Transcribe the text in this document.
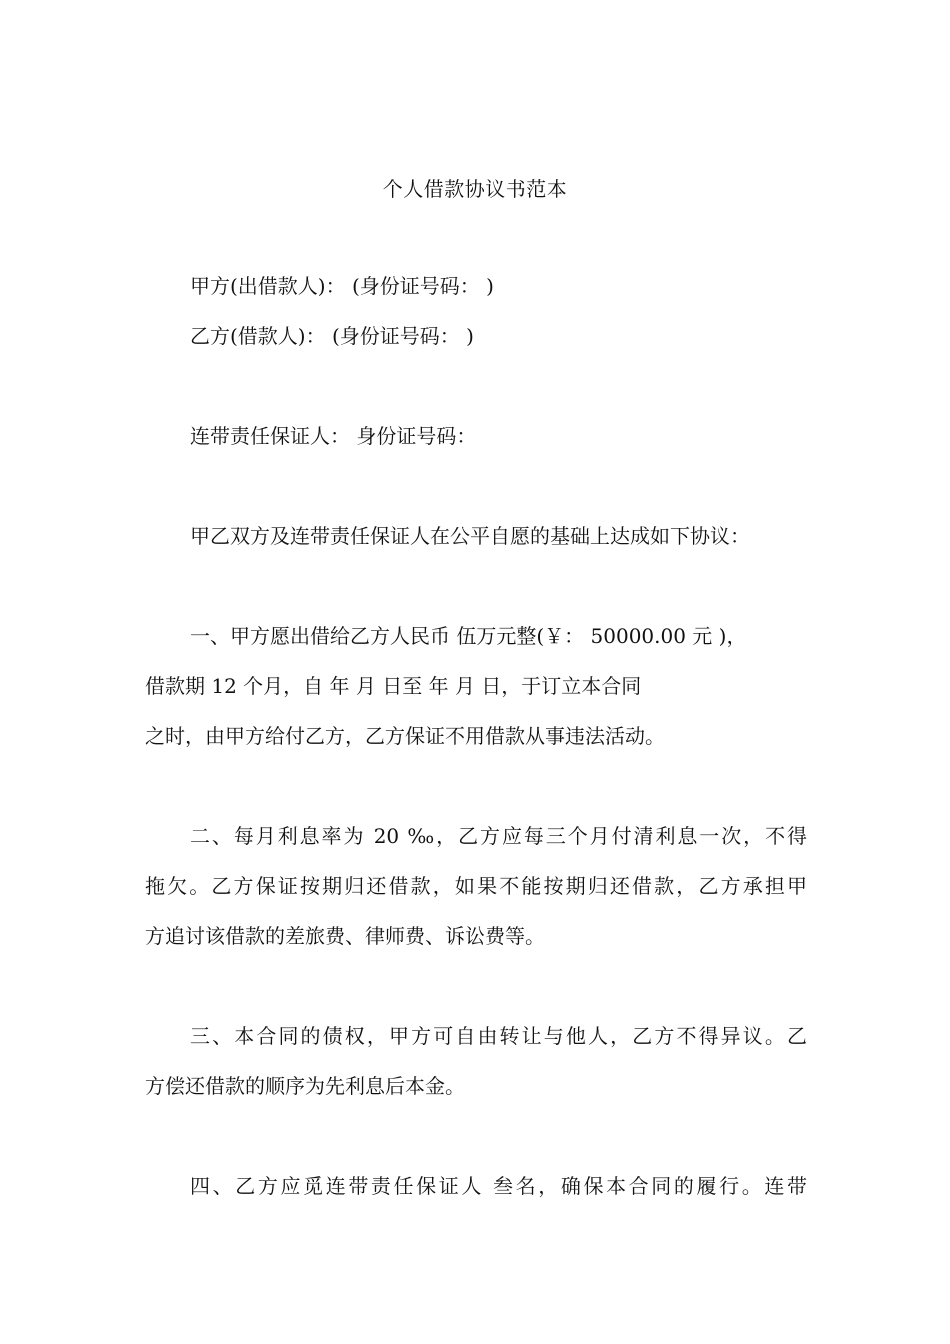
个人借款协议书范本
甲方(出借款人)： (身份证号码： )
乙方(借款人)： (身份证号码： )
连带责任保证人： 身份证号码：
甲乙双方及连带责任保证人在公平自愿的基础上达成如下协议：
一、甲方愿出借给乙方人民币 伍万元整(￥： 50000.00 元 )，
借款期 12 个月，自 年 月 日至 年 月 日，于订立本合同
之时，由甲方给付乙方，乙方保证不用借款从事违法活动。
二、每月利息率为 20 ‰，乙方应每三个月付清利息一次，不得
拖欠。乙方保证按期归还借款，如果不能按期归还借款，乙方承担甲
方追讨该借款的差旅费、律师费、诉讼费等。
三、本合同的债权，甲方可自由转让与他人，乙方不得异议。乙
方偿还借款的顺序为先利息后本金。
四、乙方应觅连带责任保证人 叁名，确保本合同的履行。连带
